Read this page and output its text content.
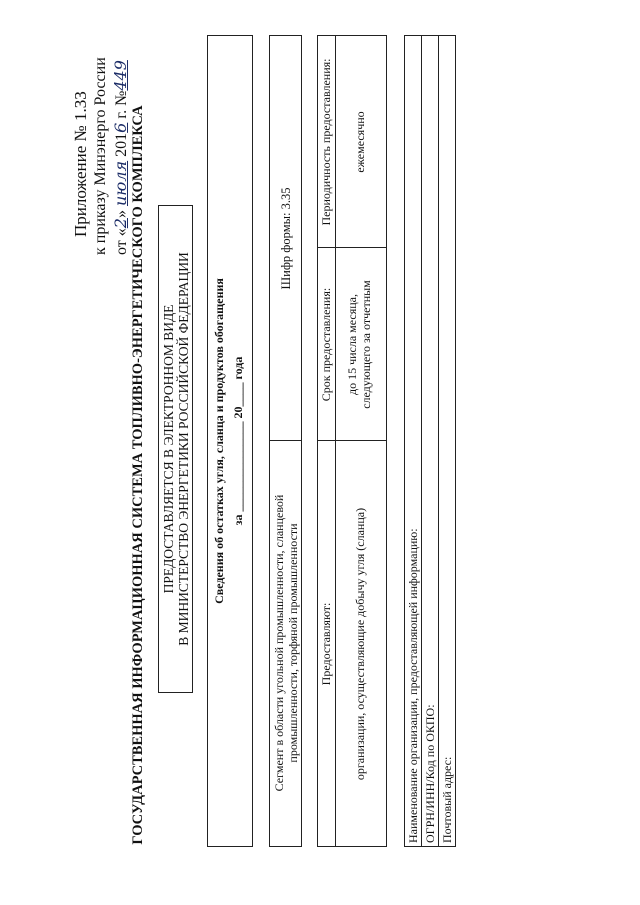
Приложение № 1.33 к приказу Минэнерго России от «2» июля 2016 г. №449
ГОСУДАРСТВЕННАЯ ИНФОРМАЦИОННАЯ СИСТЕМА ТОПЛИВНО-ЭНЕРГЕТИЧЕСКОГО КОМПЛЕКСА ПРЕДОСТАВЛЯЕТСЯ В ЭЛЕКТРОННОМ ВИДЕ В МИНИСТЕРСТВО ЭНЕРГЕТИКИ РОССИЙСКОЙ ФЕДЕРАЦИИ Сведения об остатках угля, сланца и продуктов обогащения за _______________ 20____ года
Сегмент в области угольной промышленности, сланцевой промышленности, торфяной промышленности
Шифр формы: 3.35
Предоставляют:
Срок предоставления:
Периодичность предоставления:
организации, осуществляющие добычу угля (сланца)
до 15 числа месяца, следующего за отчетным
ежемесячно
Наименование организации, предоставляющей информацию: ОГРН/ИНН/Код по ОКПО: Почтовый адрес:
